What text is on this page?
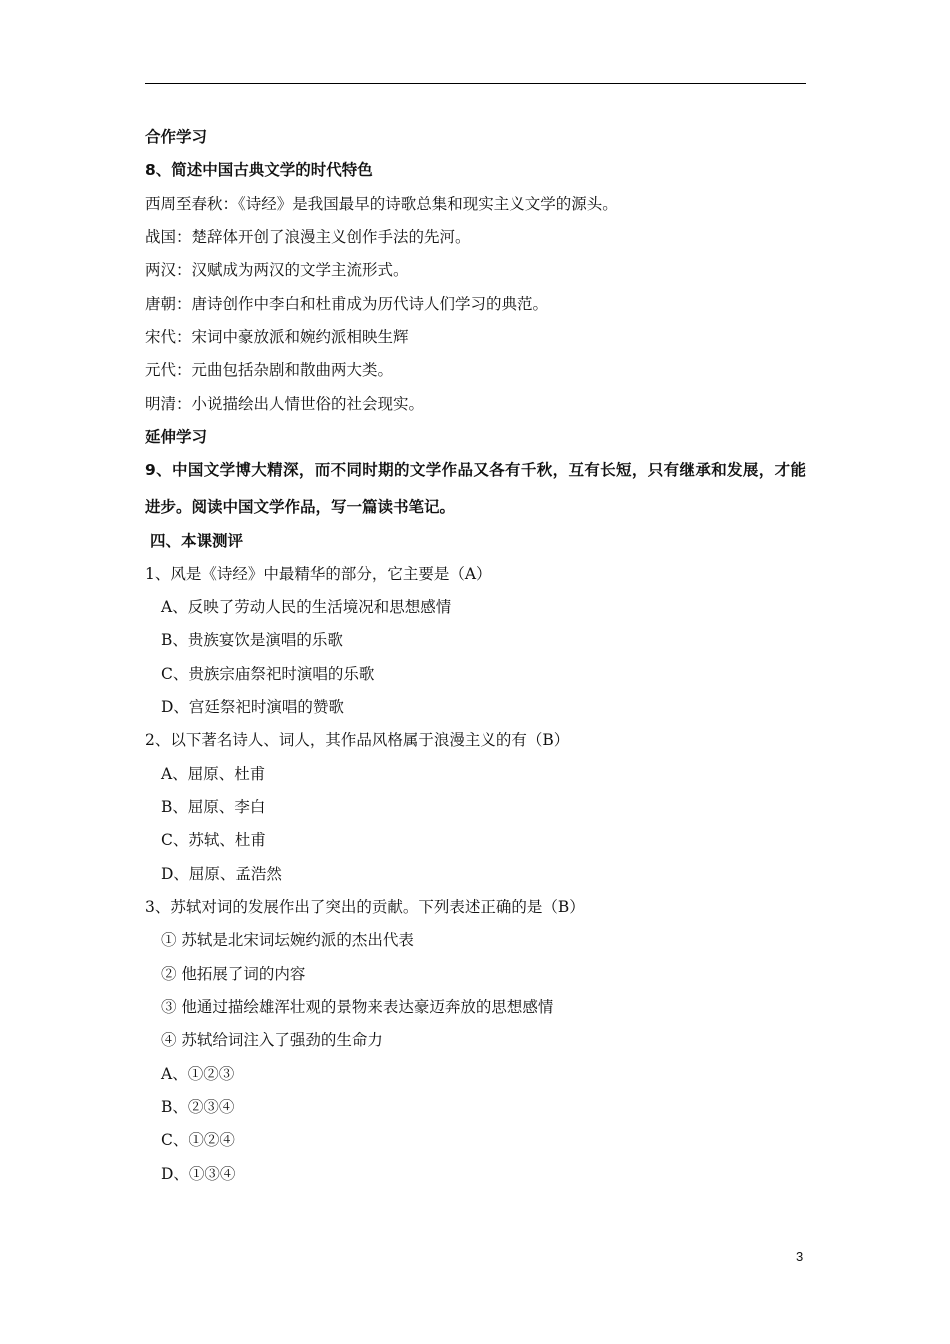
合作学习
8、简述中国古典文学的时代特色
西周至春秋：《诗经》是我国最早的诗歌总集和现实主义文学的源头。
战国：楚辞体开创了浪漫主义创作手法的先河。
两汉：汉赋成为两汉的文学主流形式。
唐朝：唐诗创作中李白和杜甫成为历代诗人们学习的典范。
宋代：宋词中豪放派和婉约派相映生辉
元代：元曲包括杂剧和散曲两大类。
明清：小说描绘出人情世俗的社会现实。
延伸学习
9、中国文学博大精深，而不同时期的文学作品又各有千秋，互有长短，只有继承和发展，才能
进步。阅读中国文学作品，写一篇读书笔记。
四、本课测评
1、风是《诗经》中最精华的部分，它主要是（A）
A、反映了劳动人民的生活境况和思想感情
B、贵族宴饮是演唱的乐歌
C、贵族宗庙祭祀时演唱的乐歌
D、宫廷祭祀时演唱的赞歌
2、以下著名诗人、词人，其作品风格属于浪漫主义的有（B）
A、屈原、杜甫
B、屈原、李白
C、苏轼、杜甫
D、屈原、孟浩然
3、苏轼对词的发展作出了突出的贡献。下列表述正确的是（B）
① 苏轼是北宋词坛婉约派的杰出代表
② 他拓展了词的内容
③ 他通过描绘雄浑壮观的景物来表达豪迈奔放的思想感情
④ 苏轼给词注入了强劲的生命力
A、①②③
B、②③④
C、①②④
D、①③④
3
